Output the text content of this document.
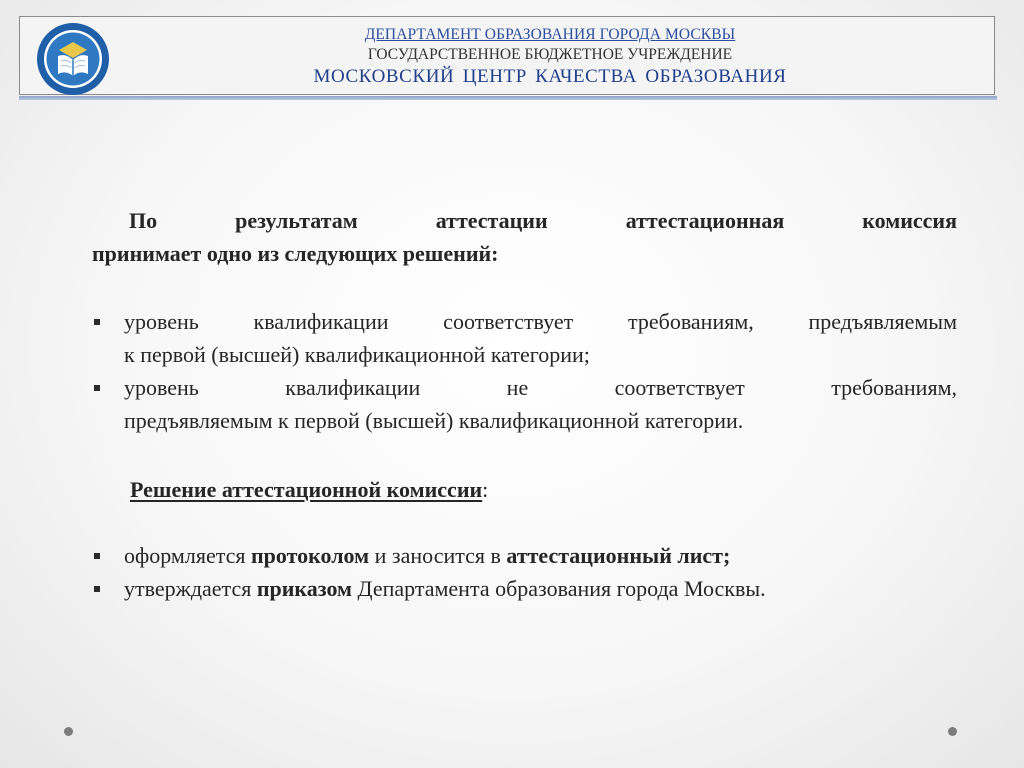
ДЕПАРТАМЕНТ ОБРАЗОВАНИЯ ГОРОДА МОСКВЫ
ГОСУДАРСТВЕННОЕ БЮДЖЕТНОЕ УЧРЕЖДЕНИЕ
МОСКОВСКИЙ ЦЕНТР КАЧЕСТВА ОБРАЗОВАНИЯ

По результатам аттестации аттестационная комиссия
принимает одно из следующих решений:

уровень квалификации соответствует требованиям, предъявляемым
к первой (высшей) квалификационной категории;
уровень квалификации не соответствует требованиям,
предъявляемым к первой (высшей) квалификационной категории.

Решение аттестационной комиссии:

оформляется протоколом и заносится в аттестационный лист;
утверждается приказом Департамента образования города Москвы.
